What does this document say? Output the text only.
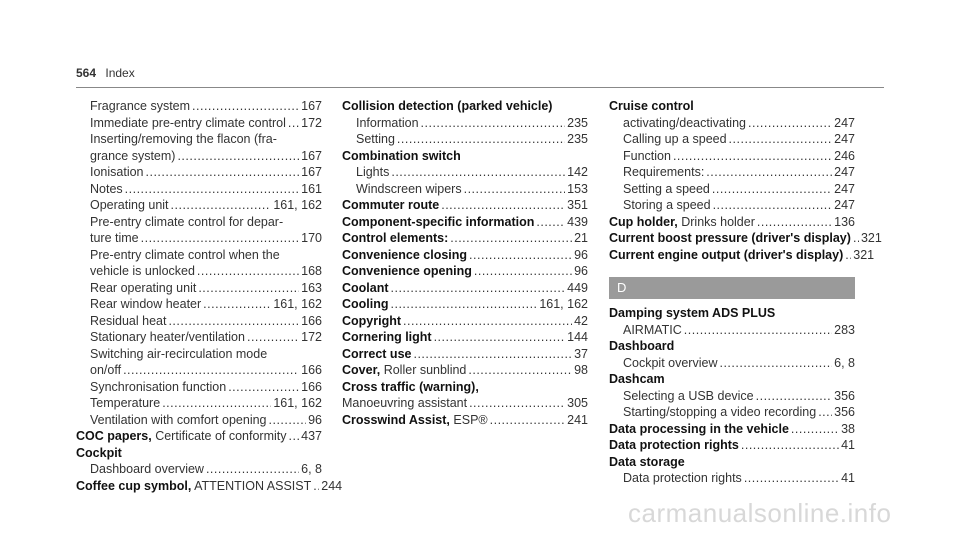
564 Index
Fragrance system .....	167
Immediate pre-entry climate control ..... 172
Inserting/removing the flacon (fra-
grance system) .....	167
Ionisation .....	167
Notes .....	161
Operating unit .....	161, 162
Pre-entry climate control for depar-
ture time .....	170
Pre-entry climate control when the
vehicle is unlocked .....	168
Rear operating unit .....	163
Rear window heater .....	161, 162
Residual heat .....	166
Stationary heater/ventilation .....	172
Switching air-recirculation mode
on/off .....	166
Synchronisation function .....	166
Temperature .....	161, 162
Ventilation with comfort opening .....	96
COC papers, Certificate of conformity ..... 437
Cockpit
Dashboard overview .....	6, 8
Coffee cup symbol, ATTENTION ASSIST ..... 244
Collision detection (parked vehicle)
Information .....	235
Setting .....	235
Combination switch
Lights .....	142
Windscreen wipers .....	153
Commuter route .....	351
Component-specific information .....	439
Control elements: .....	21
Convenience closing .....	96
Convenience opening .....	96
Coolant .....	449
Cooling .....	161, 162
Copyright .....	42
Cornering light .....	144
Correct use .....	37
Cover, Roller sunblind .....	98
Cross traffic (warning),
Manoeuvring assistant .....	305
Crosswind Assist, ESP® .....	241
Cruise control
activating/deactivating .....	247
Calling up a speed .....	247
Function .....	246
Requirements: .....	247
Setting a speed .....	247
Storing a speed .....	247
Cup holder, Drinks holder .....	136
Current boost pressure (driver's display) ..... 321
Current engine output (driver's display) ..... 321
D
Damping system ADS PLUS
AIRMATIC .....	283
Dashboard
Cockpit overview .....	6, 8
Dashcam
Selecting a USB device .....	356
Starting/stopping a video recording ..... 356
Data processing in the vehicle .....	38
Data protection rights .....	41
Data storage
Data protection rights .....	41
carmanualsonline.info
